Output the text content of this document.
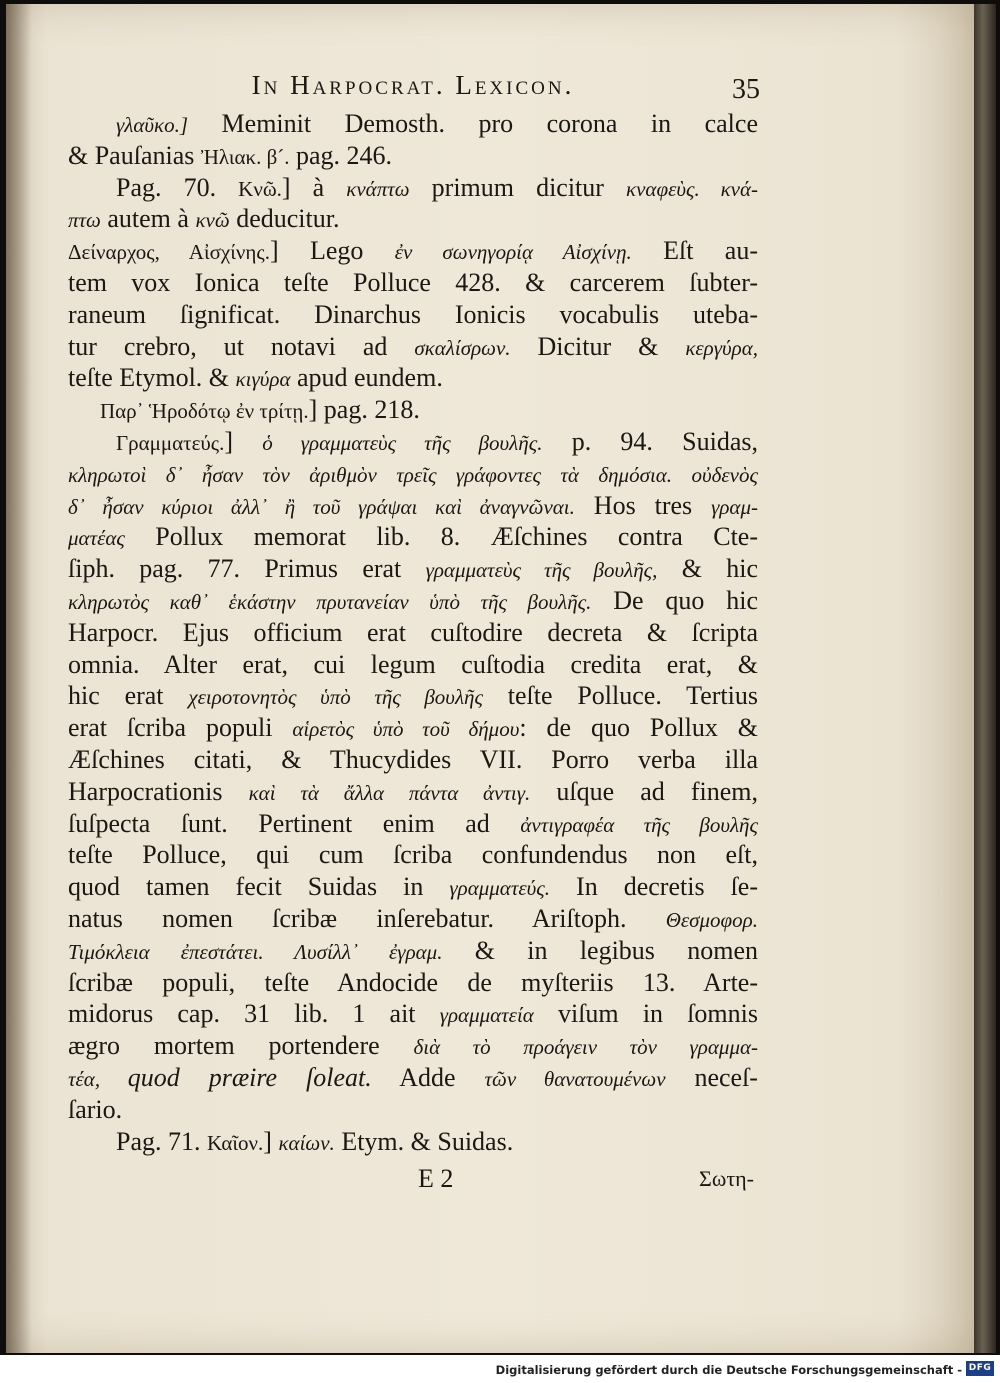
In Harpocrat. Lexicon.	35
γλαῦκο.] Meminit Demosth. pro corona in calce
& Pauſanias Ἠλιακ. β´. pag. 246.
Pag. 70. Κνῶ.] à κνάπτω primum dicitur κναφεὺς. κνά-
πτω autem à κνῶ deducitur.
Δείναρχος, Αἰσχίνης.] Lego ἐν σωνηγορίᾳ Αἰσχίνῃ. Eſt au-
tem vox Ionica teſte Polluce 428. & carcerem ſubter-
raneum ſignificat. Dinarchus Ionicis vocabulis uteba-
tur crebro, ut notavi ad σκαλίσρων. Dicitur & κεργύρα,
teſte Etymol. & κιγύρα apud eundem.
Παρ᾽ Ἡροδότῳ ἐν τρίτῃ.] pag. 218.
Γραμματεύς.] ὁ γραμματεὺς τῆς βουλῆς. p. 94. Suidas,
κληρωτοὶ δ᾽ ἦσαν τὸν ἀριθμὸν τρεῖς γράφοντες τὰ δημόσια. οὐδενὸς
δ᾽ ἦσαν κύριοι ἀλλ᾽ ἢ τοῦ γράψαι καὶ ἀναγνῶναι. Hos tres γραμ-
ματέας Pollux memorat lib. 8. Æſchines contra Cte-
ſiph. pag. 77. Primus erat γραμματεὺς τῆς βουλῆς, & hic
κληρωτὸς καθ᾽ ἑκάστην πρυτανείαν ὑπὸ τῆς βουλῆς. De quo hic
Harpocr. Ejus officium erat cuſtodire decreta & ſcripta
omnia. Alter erat, cui legum cuſtodia credita erat, &
hic erat χειροτονητὸς ὑπὸ τῆς βουλῆς teſte Polluce. Tertius
erat ſcriba populi αἱρετὸς ὑπὸ τοῦ δήμου: de quo Pollux &
Æſchines citati, & Thucydides VII. Porro verba illa
Harpocrationis καὶ τὰ ἄλλα πάντα ἀντιγ. uſque ad finem,
ſuſpecta ſunt. Pertinent enim ad ἀντιγραφέα τῆς βουλῆς
teſte Polluce, qui cum ſcriba confundendus non eſt,
quod tamen fecit Suidas in γραμματεύς. In decretis ſe-
natus nomen ſcribæ inſerebatur. Ariſtoph. Θεσμοφορ.
Τιμόκλεια ἐπεστάτει. Λυσίλλ᾽ ἐγραμ. & in legibus nomen
ſcribæ populi, teſte Andocide de myſteriis 13. Arte-
midorus cap. 31 lib. 1 ait γραμματεία viſum in ſomnis
ægro mortem portendere διὰ τὸ προάγειν τὸν γραμμα-
τέα, quod præire ſoleat. Adde τῶν θανατουμένων neceſ-
ſario.
Pag. 71. Καῖον.] καίων. Etym. & Suidas.
E 2	Σωτη-
Digitalisierung gefördert durch die Deutsche Forschungsgemeinschaft - DFG
